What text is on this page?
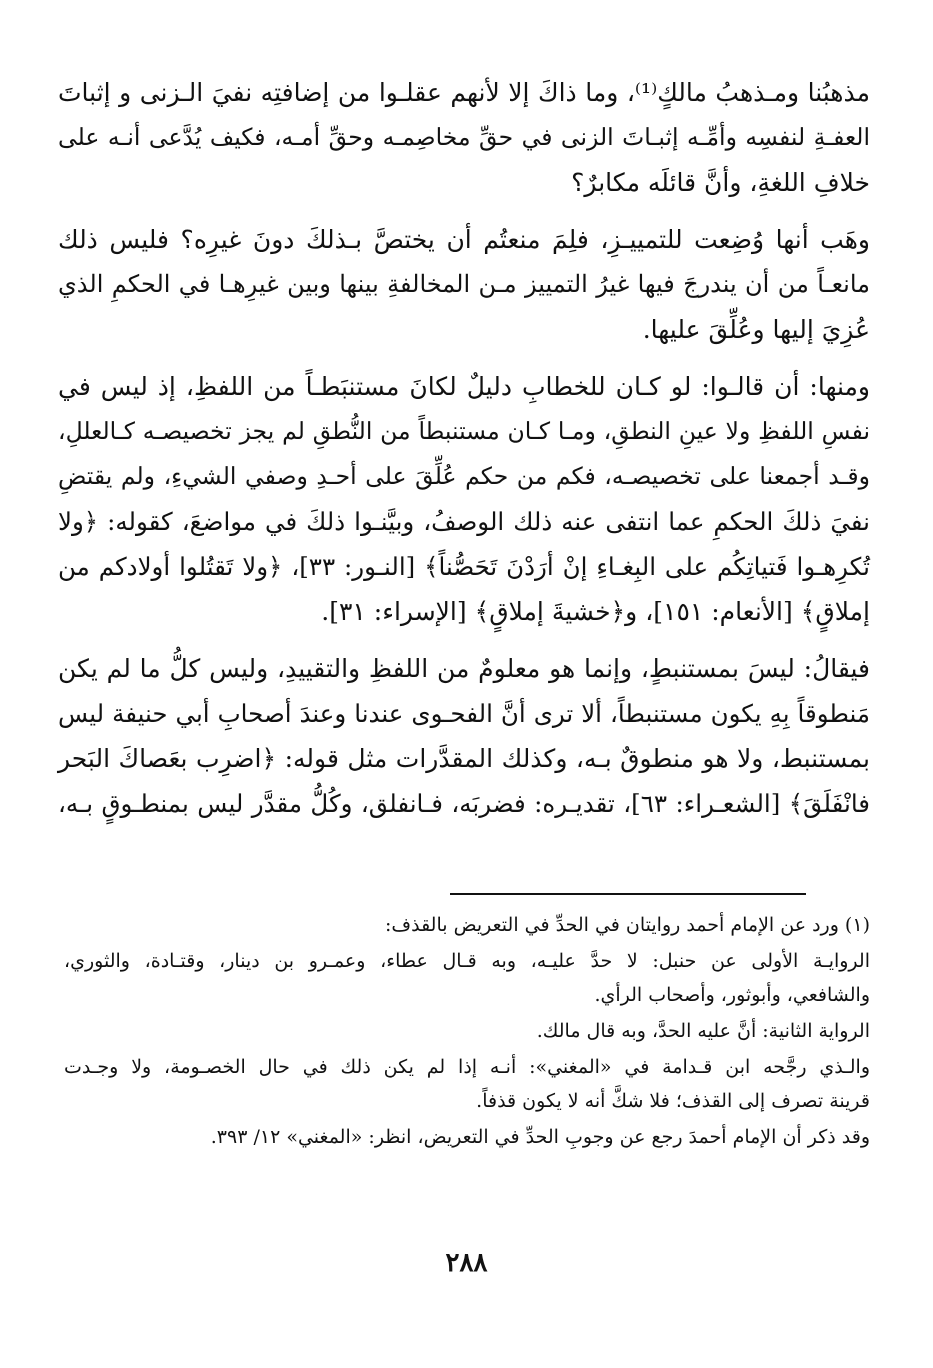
مذهبُنا ومـذهبُ مالكٍ⁽¹⁾، وما ذاكَ إلا لأنهم عقلـوا من إضافتِه نفيَ الـزنى و إثباتَ
العفـةِ لنفسِه وأمِّـه إثبـاتَ الزنى في حقِّ مخاصِمـه وحقِّ أمـه، فكيف يُدَّعى أنـه على
خلافِ اللغةِ، وأنَّ قائلَه مكابرٌ؟

وهَب أنها وُضِعت للتمييـزِ، فلِمَ منعتُم أن يختصَّ بـذلكَ دونَ غيرِه؟ فليس ذلك
مانعـاً من أن يندرجَ فيها غيرُ التمييز مـن المخالفةِ بينها وبين غيرِهـا في الحكمِ الذي
عُزِيَ إليها وعُلِّقَ عليها.

ومنها: أن قالـوا: لو كـان للخطابِ دليلٌ لكانَ مستنبَطـاً من اللفظِ، إذ ليس في
نفسِ اللفظِ ولا عينِ النطقِ، ومـا كـان مستنبطاً من النُّطقِ لم يجز تخصيصـه كـالعللِ،
وقـد أجمعنا على تخصيصـه، فكم من حكم عُلِّقَ على أحـدِ وصفي الشيءِ، ولم يقتضِ
نفيَ ذلكَ الحكمِ عما انتفى عنه ذلك الوصفُ، وبيَّنـوا ذلكَ في مواضعَ، كقوله: ﴿ولا
تُكرِهـوا فَتياتِكُم على البِغـاءِ إنْ أرَدْنَ تَحَصُّناً﴾ [النـور: ٣٣]، ﴿ولا تَقتُلوا أولادكم من
إملاقٍ﴾ [الأنعام: ١٥١]، و﴿خشيةَ إملاقٍ﴾ [الإسراء: ٣١].

فيقالُ: ليسَ بمستنبطٍ، وإنما هو معلومٌ من اللفظِ والتقييدِ، وليس كلُّ ما لم يكن
مَنطوقاً بِهِ يكون مستنبطاً، ألا ترى أنَّ الفحـوى عندنا وعندَ أصحابِ أبي حنيفة ليس
بمستنبط، ولا هو منطوقٌ بـه، وكذلك المقدَّرات مثل قوله: ﴿اضرِب بعَصاكَ البَحر
فانْفَلَقَ﴾ [الشعـراء: ٦٣]، تقديـره: فضربَه، فـانفلق، وكُلُّ مقدَّر ليس بمنطـوقٍ بـه،

(١) ورد عن الإمام أحمد روايتان في الحدِّ في التعريض بالقذف:
الروايـة الأولى عن حنبل: لا حدَّ عليـه، وبه قـال عطاء، وعمـرو بن دينار، وقتـادة، والثوري،
والشافعي، وأبوثور، وأصحاب الرأي.
الرواية الثانية: أنَّ عليه الحدَّ، وبه قال مالك.
والـذي رجَّحه ابن قـدامة في «المغني»: أنـه إذا لم يكن ذلك في حال الخصـومة، ولا وجـدت
قرينة تصرف إلى القذف؛ فلا شكَّ أنه لا يكون قذفاً.
وقد ذكر أن الإمام أحمدَ رجع عن وجوبِ الحدِّ في التعريض، انظر: «المغني» ١٢/ ٣٩٣.
٢٨٨
